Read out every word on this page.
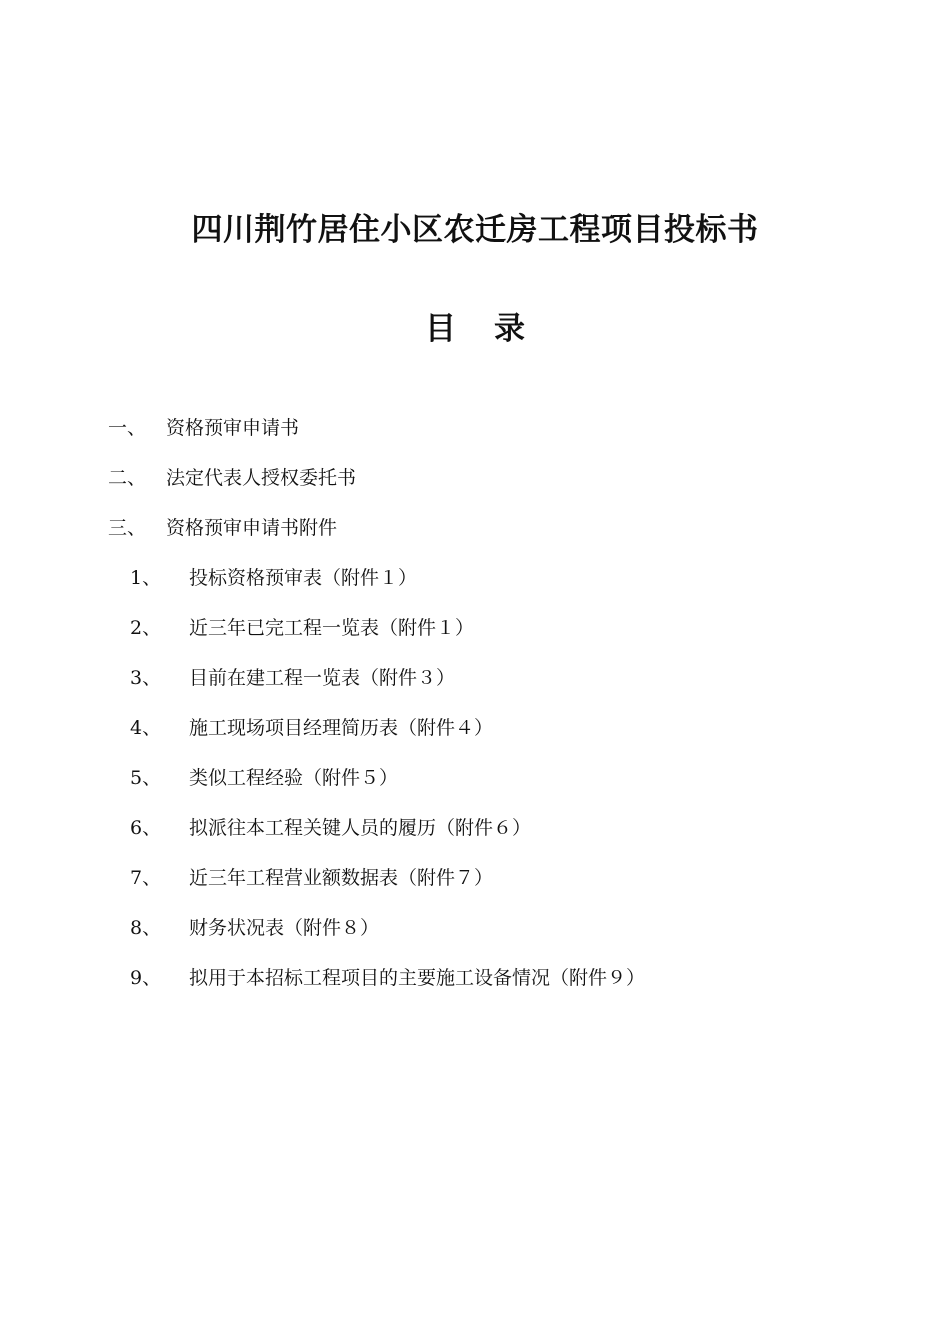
四川荆竹居住小区农迁房工程项目投标书
目 录
一、 资格预审申请书
二、 法定代表人授权委托书
三、 资格预审申请书附件
1、 投标资格预审表（附件１）
2、 近三年已完工程一览表（附件１）
3、 目前在建工程一览表（附件３）
4、 施工现场项目经理简历表（附件４）
5、 类似工程经验（附件５）
6、 拟派往本工程关键人员的履历（附件６）
7、 近三年工程营业额数据表（附件７）
8、 财务状况表（附件８）
9、 拟用于本招标工程项目的主要施工设备情况（附件９）
